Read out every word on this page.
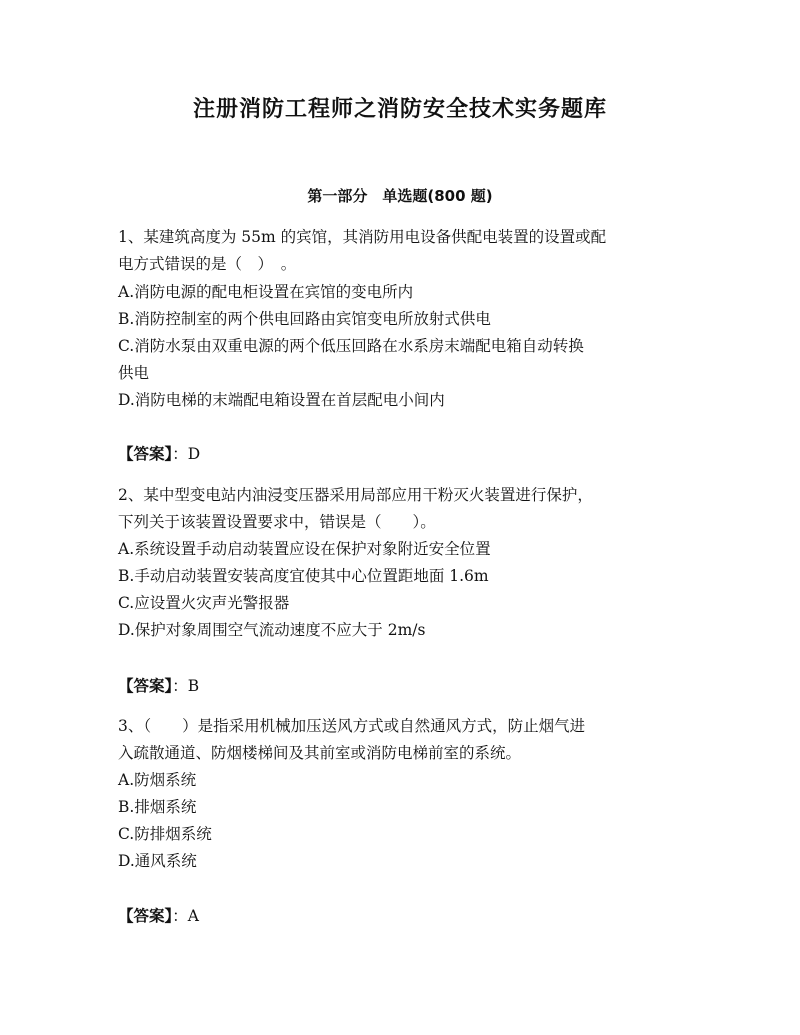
注册消防工程师之消防安全技术实务题库
第一部分　单选题(800 题)
1、某建筑高度为 55m 的宾馆，其消防用电设备供配电装置的设置或配
电方式错误的是（　）　。
A.消防电源的配电柜设置在宾馆的变电所内
B.消防控制室的两个供电回路由宾馆变电所放射式供电
C.消防水泵由双重电源的两个低压回路在水系房末端配电箱自动转换
供电
D.消防电梯的末端配电箱设置在首层配电小间内
【答案】：D
2、某中型变电站内油浸变压器采用局部应用干粉灭火装置进行保护，
下列关于该装置设置要求中，错误是（　　）。
A.系统设置手动启动装置应设在保护对象附近安全位置
B.手动启动装置安装高度宜使其中心位置距地面 1.6m
C.应设置火灾声光警报器
D.保护对象周围空气流动速度不应大于 2m/s
【答案】：B
3、（　　）是指采用机械加压送风方式或自然通风方式，防止烟气进
入疏散通道、防烟楼梯间及其前室或消防电梯前室的系统。
A.防烟系统
B.排烟系统
C.防排烟系统
D.通风系统
【答案】：A
